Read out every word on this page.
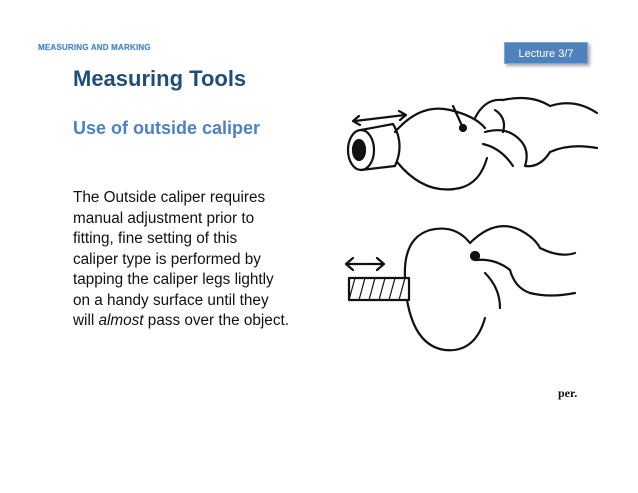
MEASURING AND MARKING
Lecture 3/7
Measuring Tools
Use of outside caliper

The Outside caliper requires
manual adjustment prior to
fitting, fine setting of this
caliper type is performed by
tapping the caliper legs lightly
on a handy surface until they
will almost pass over the object.

per.
